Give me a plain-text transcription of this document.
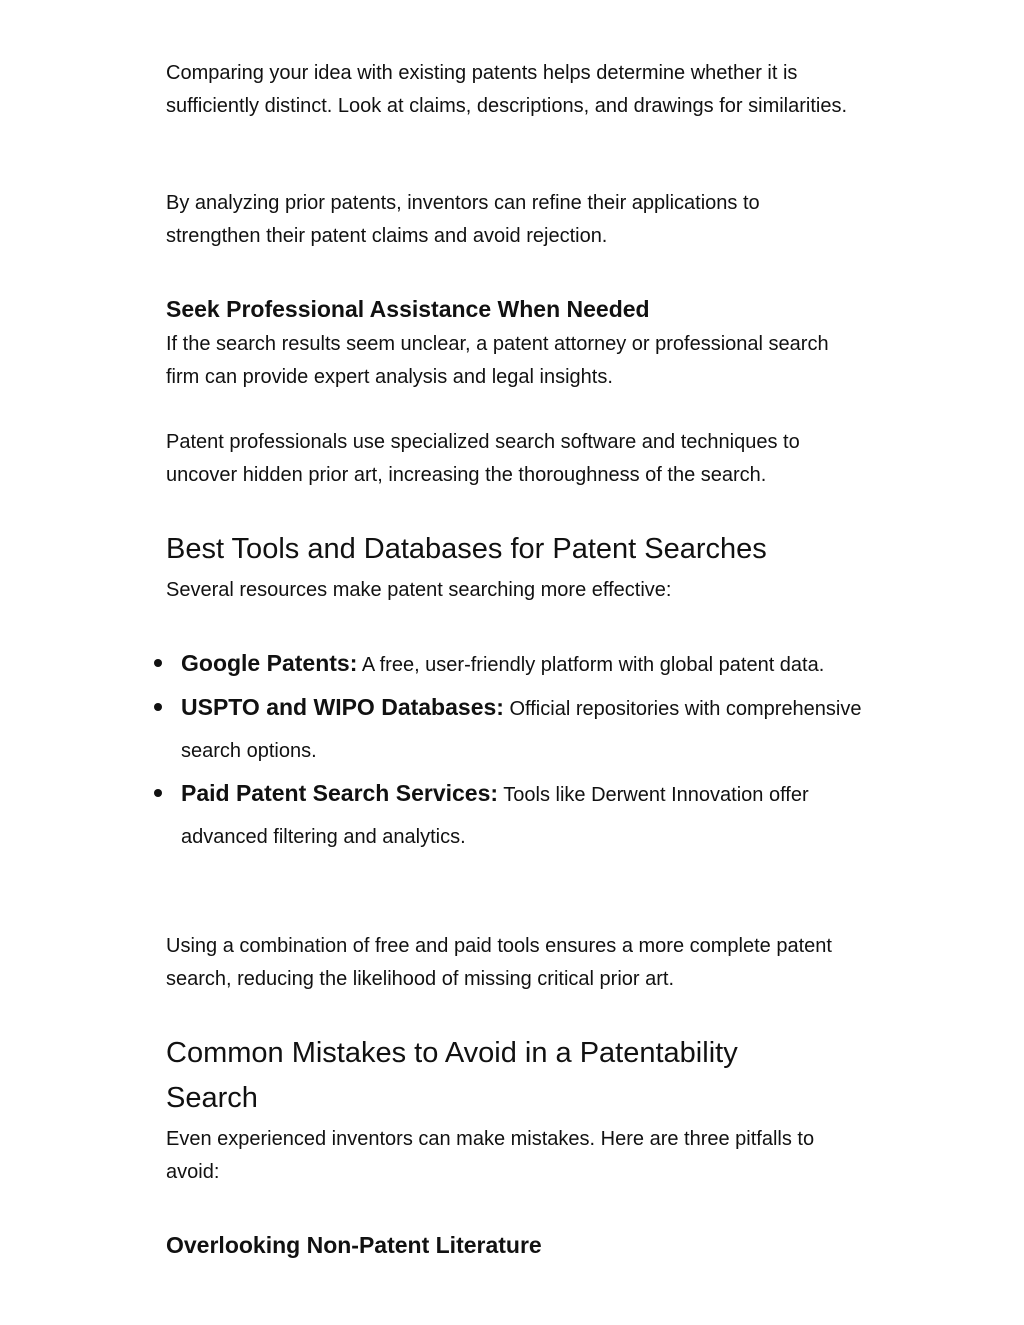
Comparing your idea with existing patents helps determine whether it is sufficiently distinct. Look at claims, descriptions, and drawings for similarities.

By analyzing prior patents, inventors can refine their applications to strengthen their patent claims and avoid rejection.

Seek Professional Assistance When Needed

If the search results seem unclear, a patent attorney or professional search firm can provide expert analysis and legal insights.

Patent professionals use specialized search software and techniques to uncover hidden prior art, increasing the thoroughness of the search.

Best Tools and Databases for Patent Searches

Several resources make patent searching more effective:

Google Patents: A free, user-friendly platform with global patent data.
USPTO and WIPO Databases: Official repositories with comprehensive search options.
Paid Patent Search Services: Tools like Derwent Innovation offer advanced filtering and analytics.

Using a combination of free and paid tools ensures a more complete patent search, reducing the likelihood of missing critical prior art.

Common Mistakes to Avoid in a Patentability Search

Even experienced inventors can make mistakes. Here are three pitfalls to avoid:

Overlooking Non-Patent Literature
